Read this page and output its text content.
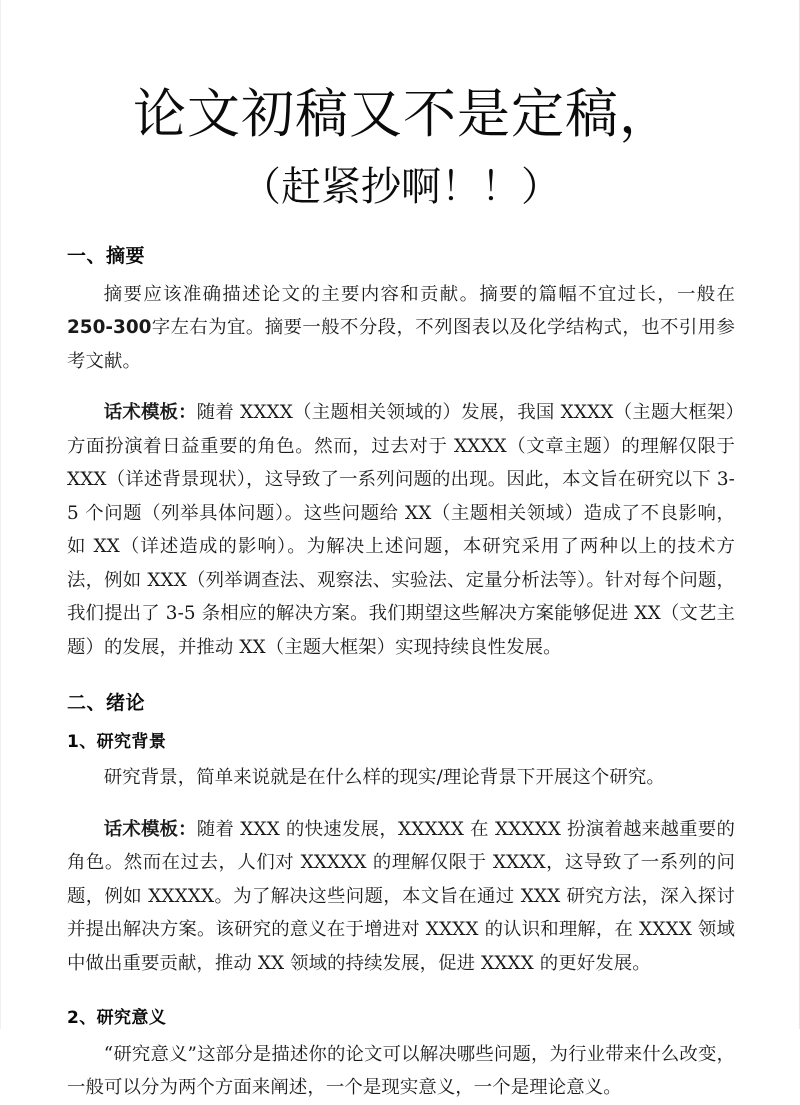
论文初稿又不是定稿，
（赶紧抄啊！！）
一、摘要

摘要应该准确描述论文的主要内容和贡献。摘要的篇幅不宜过长，一般在250-300字左右为宜。摘要一般不分段，不列图表以及化学结构式，也不引用参考文献。

话术模板：随着 XXXX（主题相关领域的）发展，我国 XXXX（主题大框架）方面扮演着日益重要的角色。然而，过去对于 XXXX（文章主题）的理解仅限于 XXX（详述背景现状），这导致了一系列问题的出现。因此，本文旨在研究以下 3-5 个问题（列举具体问题）。这些问题给 XX（主题相关领域）造成了不良影响，如 XX（详述造成的影响）。为解决上述问题，本研究采用了两种以上的技术方法，例如 XXX（列举调查法、观察法、实验法、定量分析法等）。针对每个问题，我们提出了 3-5 条相应的解决方案。我们期望这些解决方案能够促进 XX（文艺主题）的发展，并推动 XX（主题大框架）实现持续良性发展。

二、绪论
1、研究背景

研究背景，简单来说就是在什么样的现实/理论背景下开展这个研究。

话术模板：随着 XXX 的快速发展，XXXXX 在 XXXXX 扮演着越来越重要的角色。然而在过去，人们对 XXXXX 的理解仅限于 XXXX，这导致了一系列的问题，例如 XXXXX。为了解决这些问题，本文旨在通过 XXX 研究方法，深入探讨并提出解决方案。该研究的意义在于增进对 XXXX 的认识和理解，在 XXXX 领域中做出重要贡献，推动 XX 领域的持续发展，促进 XXXX 的更好发展。

2、研究意义

“研究意义”这部分是描述你的论文可以解决哪些问题，为行业带来什么改变，一般可以分为两个方面来阐述，一个是现实意义，一个是理论意义。
